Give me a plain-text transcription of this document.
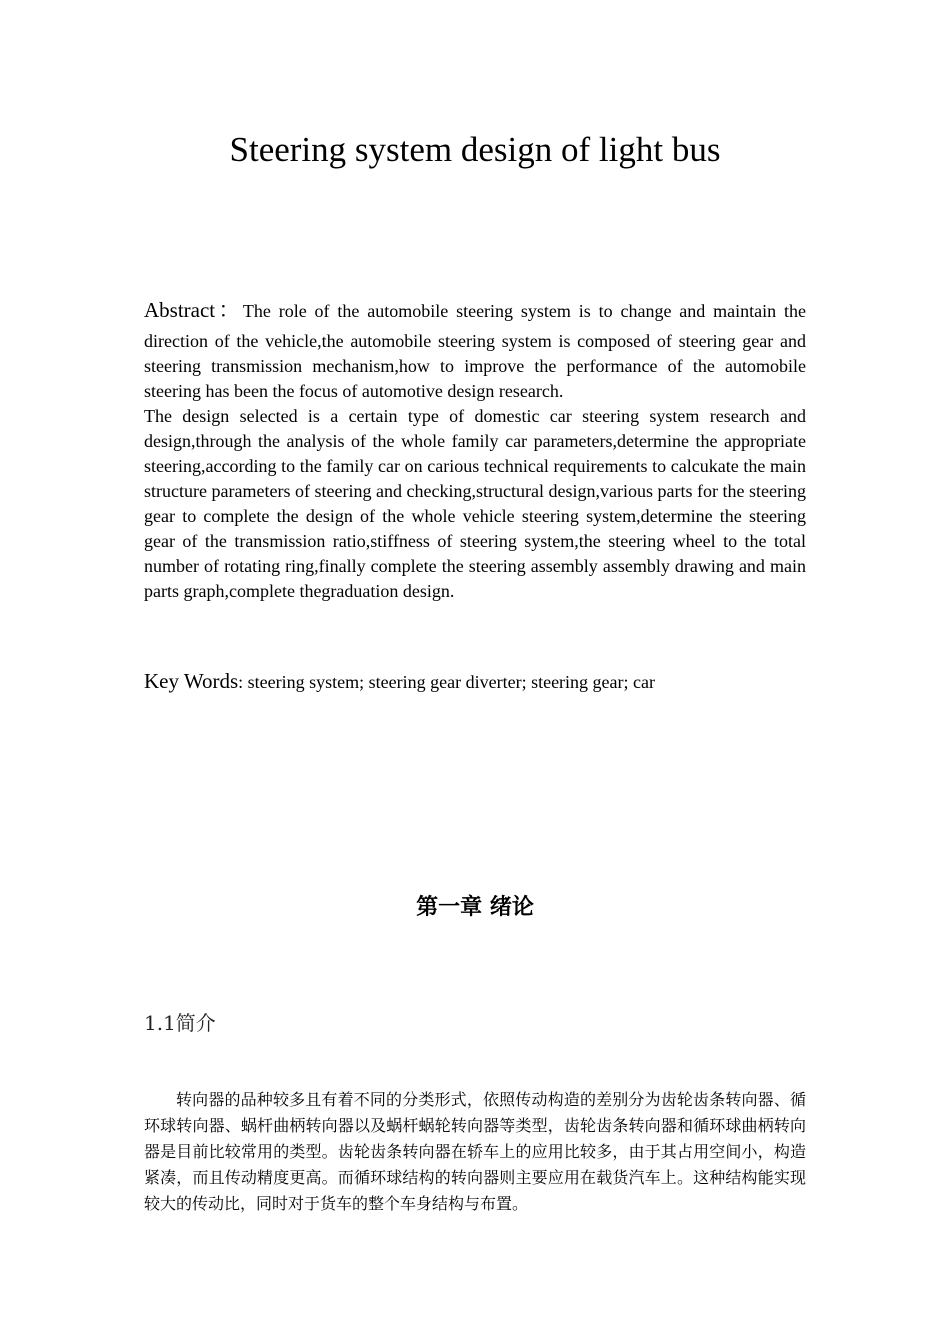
Steering system design of light bus

Abstract：The role of the automobile steering system is to change and maintain the
direction of the vehicle,the automobile steering system is composed of steering gear and steering transmission mechanism,how to improve the performance of the automobile steering has been the focus of automotive design research.

The design selected is a certain type of domestic car steering system research and design,through the analysis of the whole family car parameters,determine the appropriate steering,according to the family car on carious technical requirements to calcukate the main structure parameters of steering and checking,structural design,various parts for the steering gear to complete the design of the whole vehicle steering system,determine the steering gear of the transmission ratio,stiffness of steering system,the steering wheel to the total number of rotating ring,finally complete the steering assembly assembly drawing and main parts graph,complete thegraduation design.

Key Words: steering system; steering gear diverter; steering gear; car
第一章 绪论
1.1简介
转向器的品种较多且有着不同的分类形式，依照传动构造的差别分为齿轮齿条转向器、循环球转向器、蜗杆曲柄转向器以及蜗杆蜗轮转向器等类型，齿轮齿条转向器和循环球曲柄转向器是目前比较常用的类型。齿轮齿条转向器在轿车上的应用比较多，由于其占用空间小，构造紧凑，而且传动精度更高。而循环球结构的转向器则主要应用在载货汽车上。这种结构能实现较大的传动比，同时对于货车的整个车身结构与布置。
